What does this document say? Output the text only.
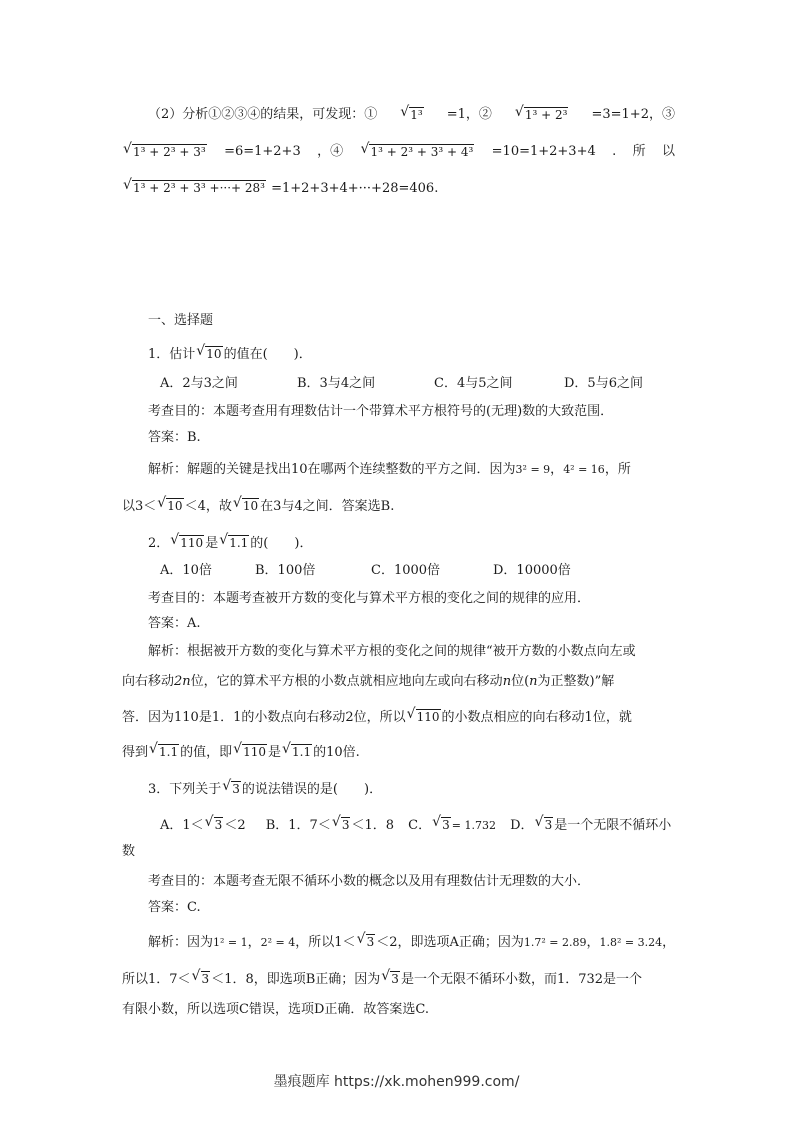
（2）分析①②③④的结果，可发现：①	√ 1³ =1，②	√ 1³ + 2³ =3=1+2，③
√ 1³ + 2³ + 3³ =6=1+2+3 ，④	√ 1³ + 2³ + 3³ + 4³ =10=1+2+3+4 . 所 以
√ 1³ + 2³ + 3³ +···+ 28³ =1+2+3+4+···+28=406.
一、选择题
1．估计 √ 10 的值在(　　)．
A．2与3之间	B．3与4之间	C．4与5之间	D．5与6之间
考查目的：本题考查用有理数估计一个带算术平方根符号的(无理)数的大致范围．
答案：B.
解析：解题的关键是找出10在哪两个连续整数的平方之间．因为3² = 9，4² = 16，所
以3＜ √ 10 ＜4，故 √ 10 在3与4之间．答案选B.
2． √ 110 是 √ 1.1 的(　　)．
A．10倍	B．100倍	C．1000倍	D．10000倍
考查目的：本题考查被开方数的变化与算术平方根的变化之间的规律的应用．
答案：A.
解析：根据被开方数的变化与算术平方根的变化之间的规律“被开方数的小数点向左或
向右移动2n位，它的算术平方根的小数点就相应地向左或向右移动n位(n为正整数)”解
答．因为110是1．1的小数点向右移动2位，所以 √ 110 的小数点相应的向右移动1位，就
得到 √ 1.1 的值，即 √ 110 是 √ 1.1 的10倍.
3．下列关于 √ 3 的说法错误的是(　　)．
A．1＜ √ 3 ＜2 B．1．7＜ √ 3 ＜1．8 C． √ 3 = 1.732 D． √ 3 是一个无限不循环小
数
考查目的：本题考查无限不循环小数的概念以及用有理数估计无理数的大小．
答案：C.
解析：因为1² = 1，2² = 4，所以1＜ √ 3 ＜2，即选项A正确；因为1.7² = 2.89，1.8² = 3.24，
所以1．7＜ √ 3 ＜1．8，即选项B正确；因为 √ 3 是一个无限不循环小数，而1．732是一个
有限小数，所以选项C错误，选项D正确．故答案选C.
墨痕题库 https://xk.mohen999.com/
